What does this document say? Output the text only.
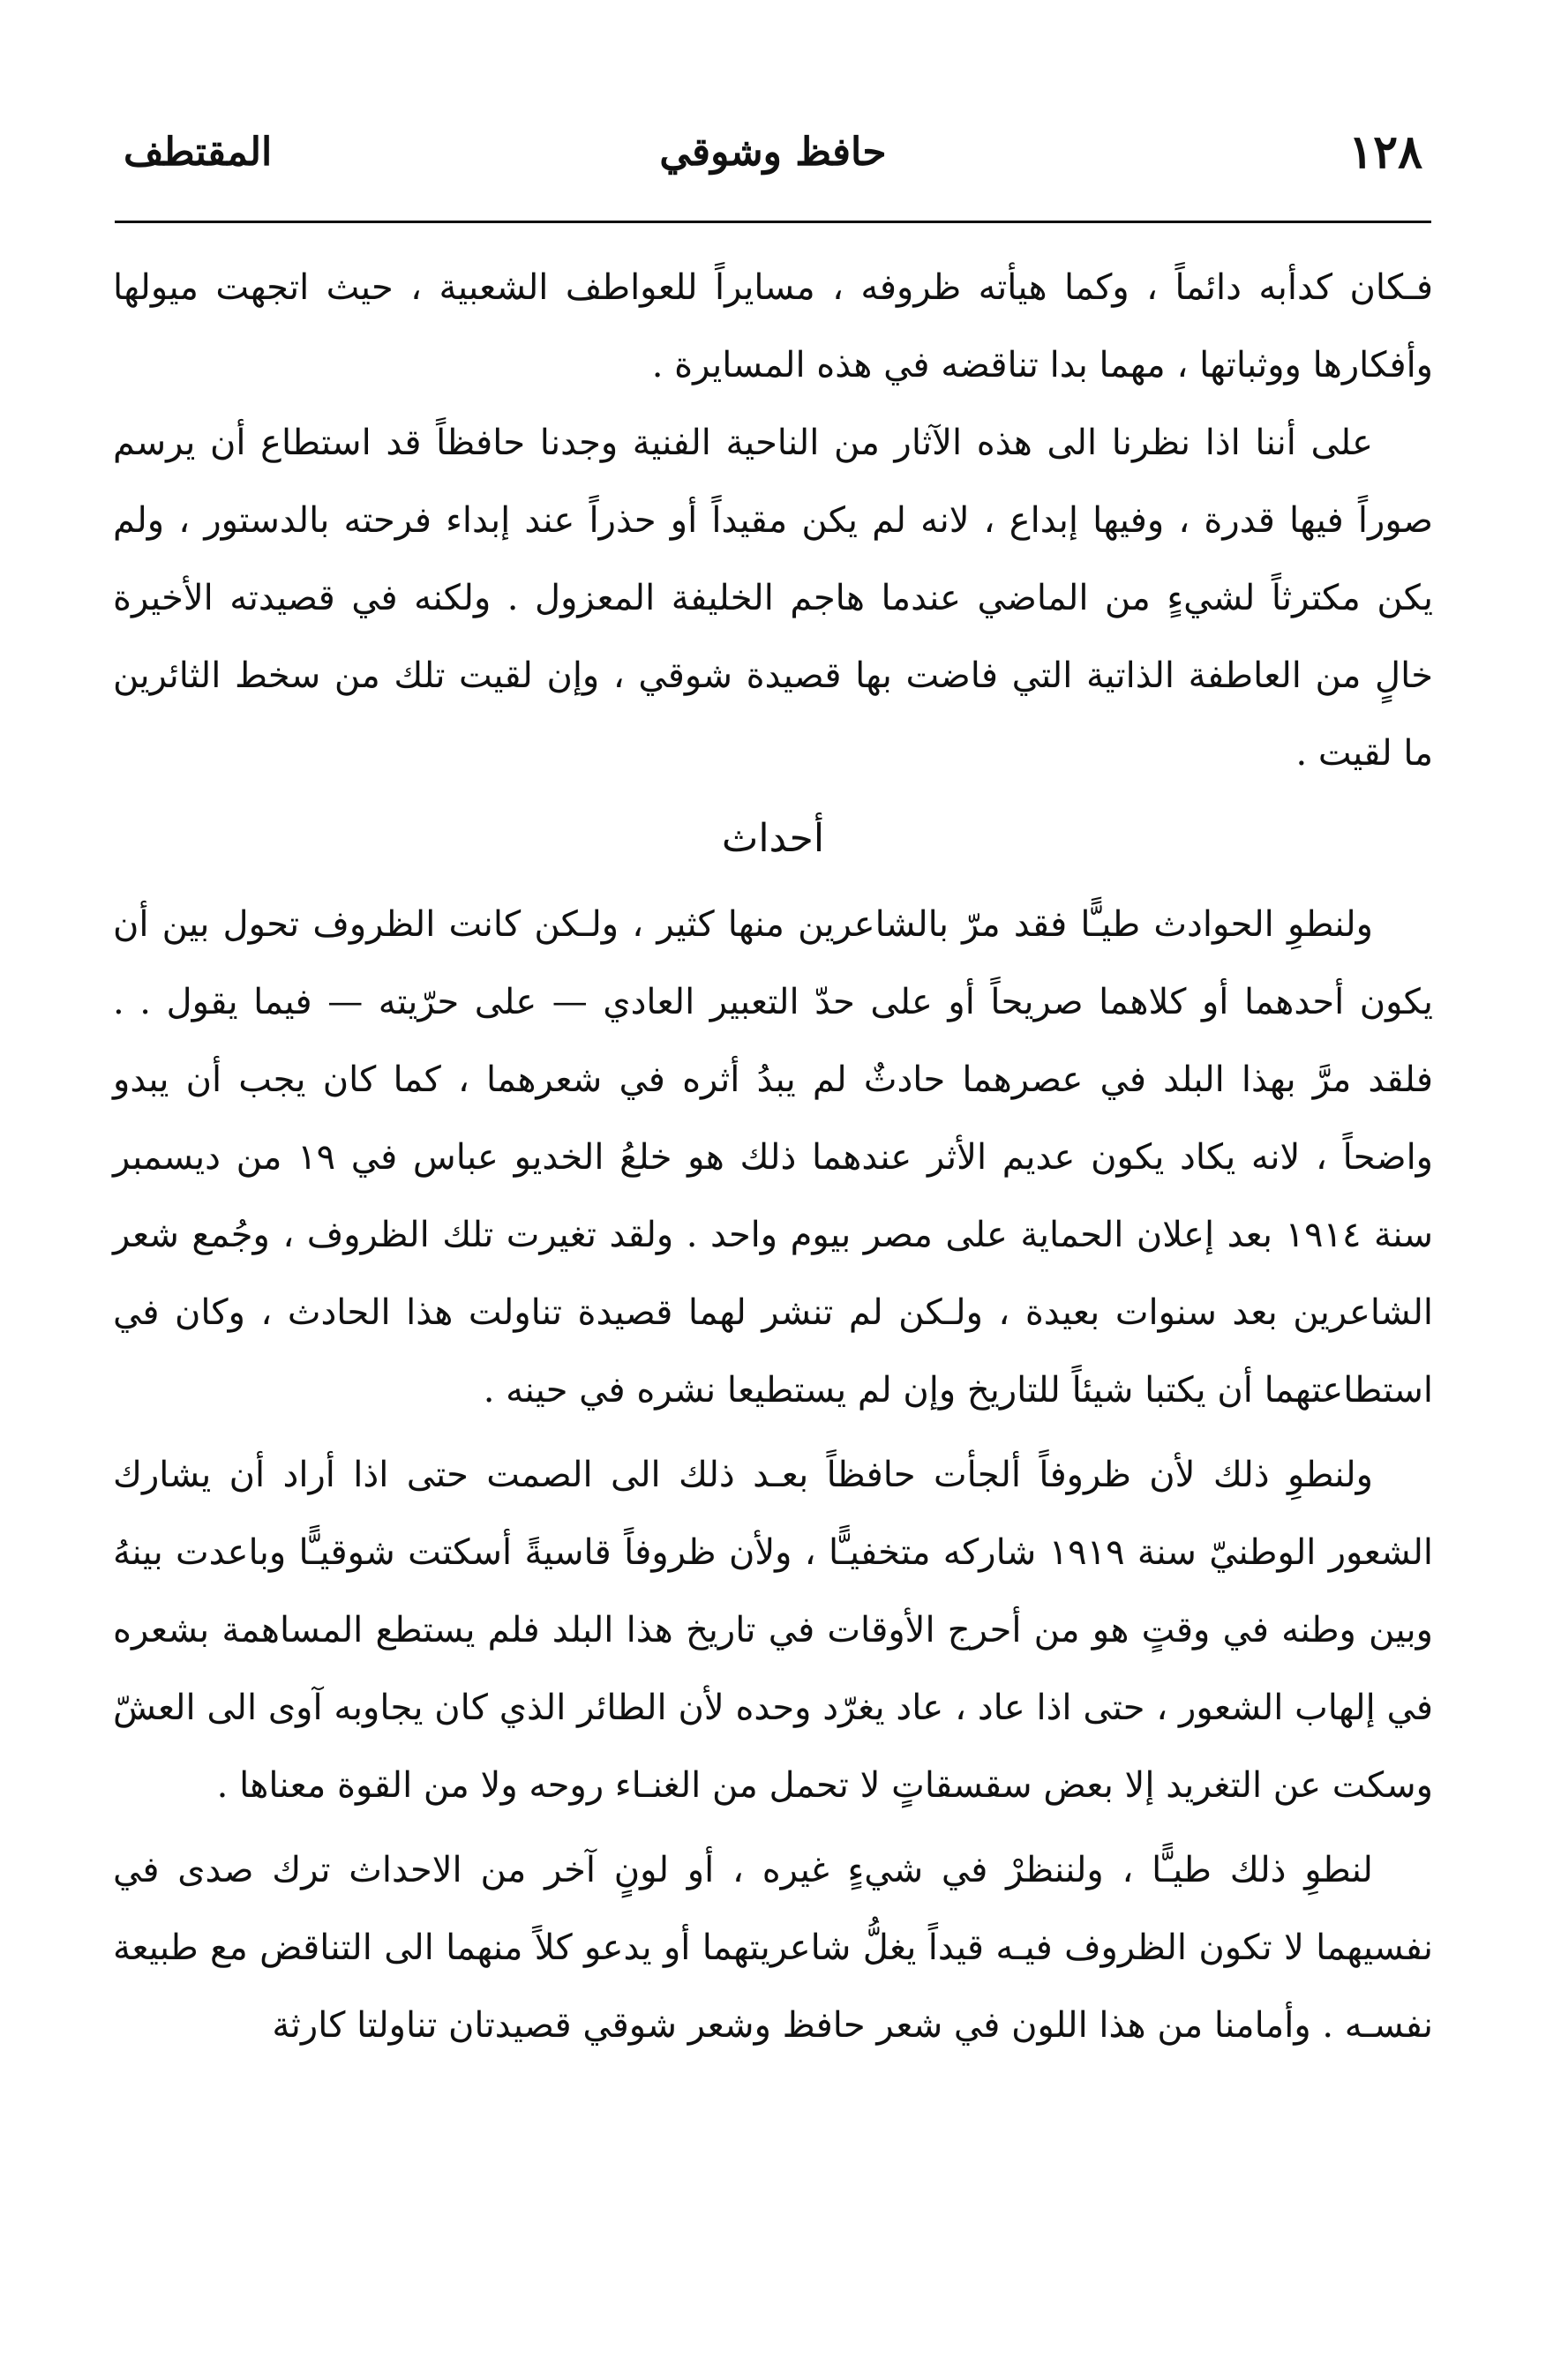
١٢٨
حافظ وشوقي
المقتطف

فـكان كدأبه دائماً ، وكما هيأته ظروفه ، مسايراً للعواطف الشعبية ، حيث اتجهت ميولها وأفكارها ووثباتها ، مهما بدا تناقضه في هذه المسايرة .

على أننا اذا نظرنا الى هذه الآثار من الناحية الفنية وجدنا حافظاً قد استطاع أن يرسم صوراً فيها قدرة ، وفيها إبداع ، لانه لم يكن مقيداً أو حذراً عند إبداء فرحته بالدستور ، ولم يكن مكترثاً لشيءٍ من الماضي عندما هاجم الخليفة المعزول . ولكنه في قصيدته الأخيرة خالٍ من العاطفة الذاتية التي فاضت بها قصيدة شوقي ، وإن لقيت تلك من سخط الثائرين ما لقيت .

أحداث

ولنطوِ الحوادث طيـًّا فقد مرّ بالشاعرين منها كثير ، ولـكن كانت الظروف تحول بين أن يكون أحدهما أو كلاهما صريحاً أو على حدّ التعبير العادي — على حرّيته — فيما يقول . . فلقد مرَّ بهذا البلد في عصرهما حادثٌ لم يبدُ أثره في شعرهما ، كما كان يجب أن يبدو واضحاً ، لانه يكاد يكون عديم الأثر عندهما ذلك هو خلعُ الخديو عباس في ١٩ من ديسمبر سنة ١٩١٤ بعد إعلان الحماية على مصر بيوم واحد . ولقد تغيرت تلك الظروف ، وجُمع شعر الشاعرين بعد سنوات بعيدة ، ولـكن لم تنشر لهما قصيدة تناولت هذا الحادث ، وكان في استطاعتهما أن يكتبا شيئاً للتاريخ وإن لم يستطيعا نشره في حينه .

ولنطوِ ذلك لأن ظروفاً ألجأت حافظاً بعـد ذلك الى الصمت حتى اذا أراد أن يشارك الشعور الوطنيّ سنة ١٩١٩ شاركه متخفيـًّا ، ولأن ظروفاً قاسيةً أسكتت شوقيـًّا وباعدت بينهُ وبين وطنه في وقتٍ هو من أحرج الأوقات في تاريخ هذا البلد فلم يستطع المساهمة بشعره في إلهاب الشعور ، حتى اذا عاد ، عاد يغرّد وحده لأن الطائر الذي كان يجاوبه آوى الى العشّ وسكت عن التغريد إلا بعض سقسقاتٍ لا تحمل من الغنـاء روحه ولا من القوة معناها .

لنطوِ ذلك طيـًّا ، ولننظرْ في شيءٍ غيره ، أو لونٍ آخر من الاحداث ترك صدى في نفسيهما لا تكون الظروف فيـه قيداً يغلُّ شاعريتهما أو يدعو كلاً منهما الى التناقض مع طبيعة نفسـه . وأمامنا من هذا اللون في شعر حافظ وشعر شوقي قصيدتان تناولتا كارثة
